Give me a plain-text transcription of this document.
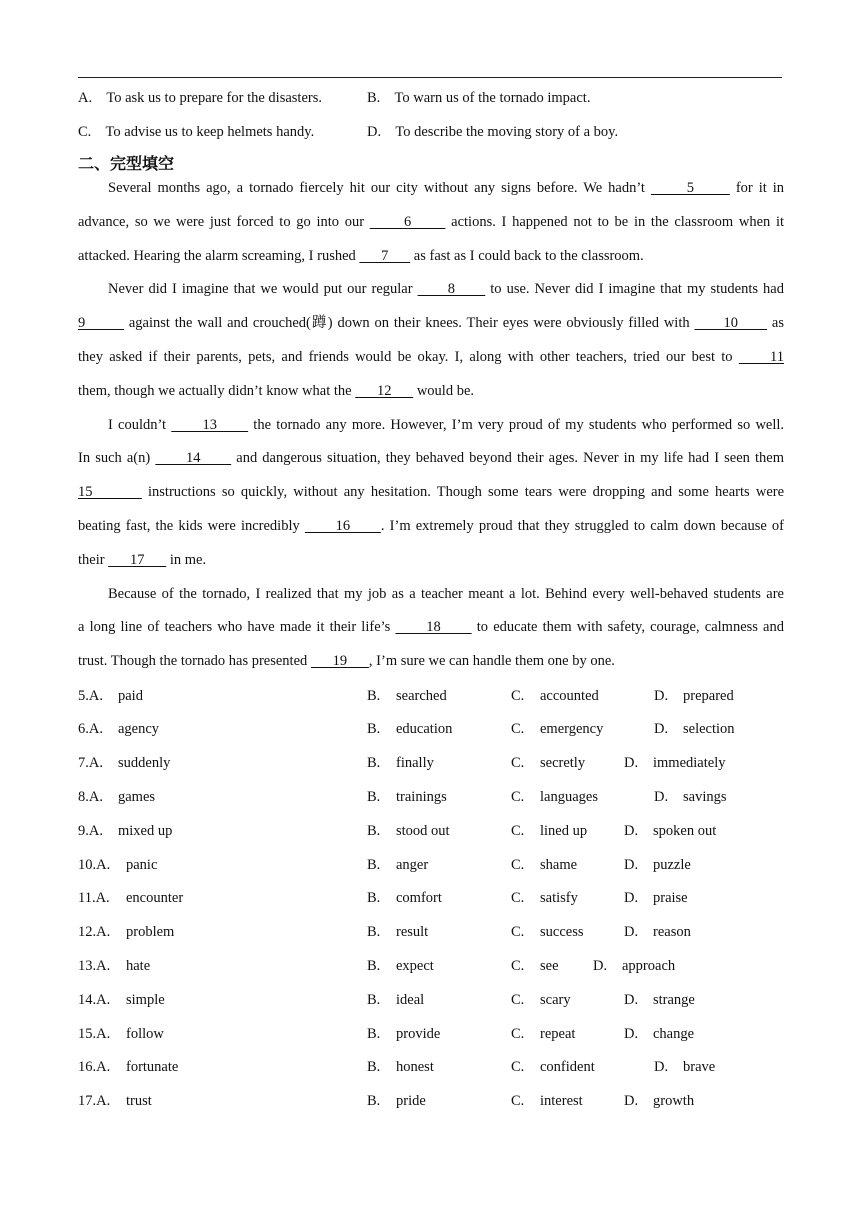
A. To ask us to prepare for the disasters.	B. To warn us of the tornado impact.
C. To advise us to keep helmets handy.	D. To describe the moving story of a boy.
二、完型填空
Several months ago, a tornado fiercely hit our city without any signs before. We hadn’t       5       for it in
advance, so we were just forced to go into our       6       actions. I happened not to be in the classroom when it
attacked. Hearing the alarm screaming, I rushed       7       as fast as I could back to the classroom.
Never did I imagine that we would put our regular       8       to use. Never did I imagine that my students had
9         against the wall and crouched(蹲) down on their knees. Their eyes were obviously filled with       10       as
they asked if their parents, pets, and friends would be okay. I, along with other teachers, tried our best to      11
them, though we actually didn’t know what the       12       would be.
I couldn’t       13       the tornado any more. However, I’m very proud of my students who performed so well.
In such a(n)       14       and dangerous situation, they behaved beyond their ages. Never in my life had I seen them
15         instructions so quickly, without any hesitation. Though some tears were dropping and some hearts were
beating fast, the kids were incredibly       16      . I’m extremely proud that they struggled to calm down because of
their       17       in me.
Because of the tornado, I realized that my job as a teacher meant a lot. Behind every well-behaved students are
a long line of teachers who have made it their life’s       18       to educate them with safety, courage, calmness and
trust. Though the tornado has presented       19      , I’m sure we can handle them one by one.
5.A. paid	B. searched	C. accounted	D. prepared
6.A. agency	B. education	C. emergency	D. selection
7.A. suddenly	B. finally	C. secretly	D. immediately
8.A. games	B. trainings	C. languages	D. savings
9.A. mixed up	B. stood out	C. lined up	D. spoken out
10.A. panic	B. anger	C. shame	D. puzzle
11.A. encounter	B. comfort	C. satisfy	D. praise
12.A. problem	B. result	C. success	D. reason
13.A. hate	B. expect	C. see D. approach
14.A. simple	B. ideal	C. scary	D. strange
15.A. follow	B. provide	C. repeat	D. change
16.A. fortunate	B. honest	C. confident	D. brave
17.A. trust	B. pride	C. interest	D. growth
